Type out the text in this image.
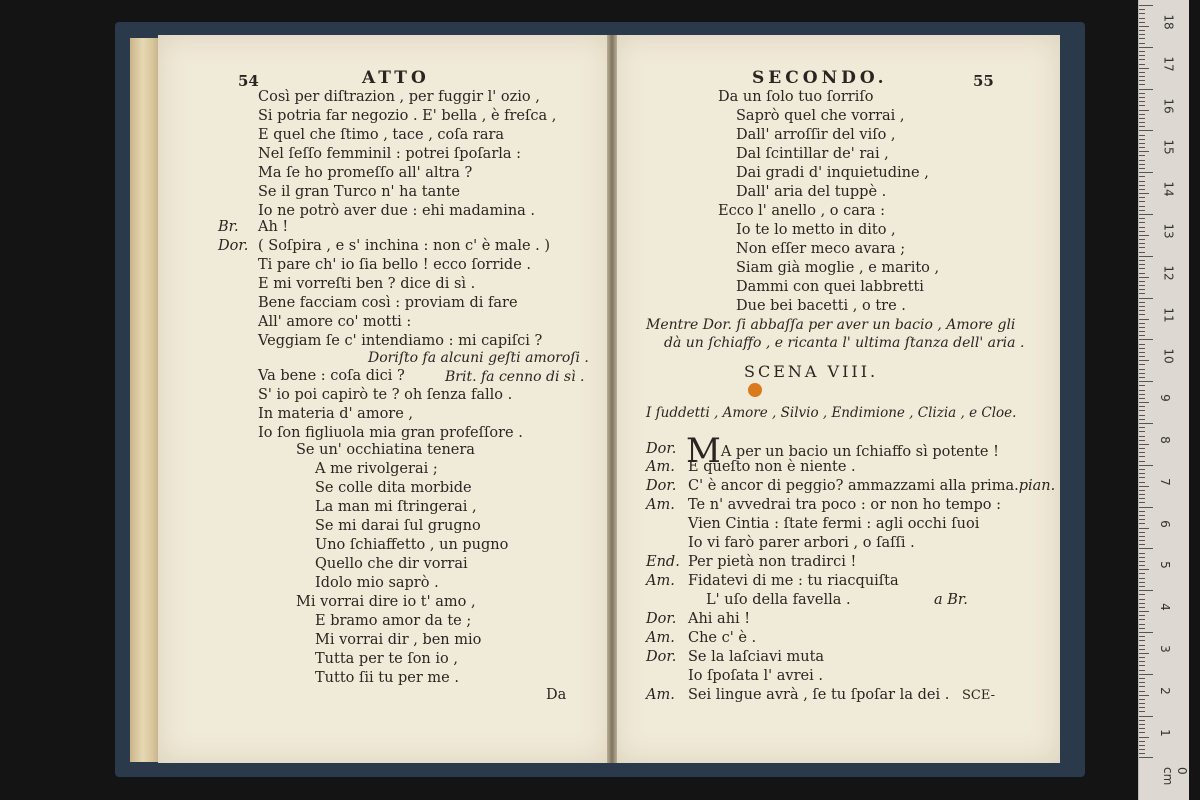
54	ATTO
Così per diſtrazion , per fuggir l' ozio ,
Si potria far negozio . E' bella , è freſca ,
E quel che ſtimo , tace , coſa rara
Nel ſeſſo femminil : potrei ſpoſarla :
Ma ſe ho promeſſo all' altra ?
Se il gran Turco n' ha tante
Io ne potrò aver due : ehi madamina .
Br. Ah !
Dor. ( Soſpira , e s' inchina : non c' è male . )
Ti pare ch' io ſia bello ! ecco ſorride .
E mi vorreſti ben ? dice di sì .
Bene facciam così : proviam di fare
All' amore co' motti :
Veggiam ſe c' intendiamo : mi capiſci ?
Doriſto fa alcuni geſti amoroſi .
Va bene : coſa dici ?	Brit. fa cenno di sì .
S' io poi capirò te ? oh ſenza fallo .
In materia d' amore ,
Io ſon figliuola mia gran profeſſore .
Se un' occhiatina tenera
A me rivolgerai ;
Se colle dita morbide
La man mi ſtringerai ,
Se mi darai ſul grugno
Uno ſchiaffetto , un pugno
Quello che dir vorrai
Idolo mio saprò .
Mi vorrai dire io t' amo ,
E bramo amor da te ;
Mi vorrai dir , ben mio
Tutta per te ſon io ,
Tutto ſii tu per me .
Da
SECONDO.	55
Da un ſolo tuo ſorriſo
Saprò quel che vorrai ,
Dall' arroſſir del viſo ,
Dal ſcintillar de' rai ,
Dai gradi d' inquietudine ,
Dall' aria del tuppè .
Ecco l' anello , o cara :
Io te lo metto in dito ,
Non eſſer meco avara ;
Siam già moglie , e marito ,
Dammi con quei labbretti
Due bei bacetti , o tre .
Mentre Dor. ſi abbaſſa per aver un bacio , Amore gli
dà un ſchiaffo , e ricanta l' ultima ſtanza dell' aria .
SCENA VIII.
I ſuddetti , Amore , Silvio , Endimione , Clizia , e Cloe.
Dor. MA per un bacio un ſchiaffo sì potente !
Am. E queſto non è niente .
Dor. C' è ancor di peggio? ammazzami alla prima.pian.
Am. Te n' avvedrai tra poco : or non ho tempo :
Vien Cintia : ſtate fermi : agli occhi ſuoi
Io vi farò parer arbori , o ſaſſi .
End. Per pietà non tradirci !
Am. Fidatevi di me : tu riacquiſta
L' uſo della favella .	a Br.
Dor. Ahi ahi !
Am. Che c' è .
Dor. Se la laſciavi muta
Io ſpoſata l' avrei .
Am. Sei lingue avrà , ſe tu ſpoſar la dei . SCE-
18
17
16
15
14
13
12
11
10
9
8
7
6
5
4
3
2
1
0 cm
